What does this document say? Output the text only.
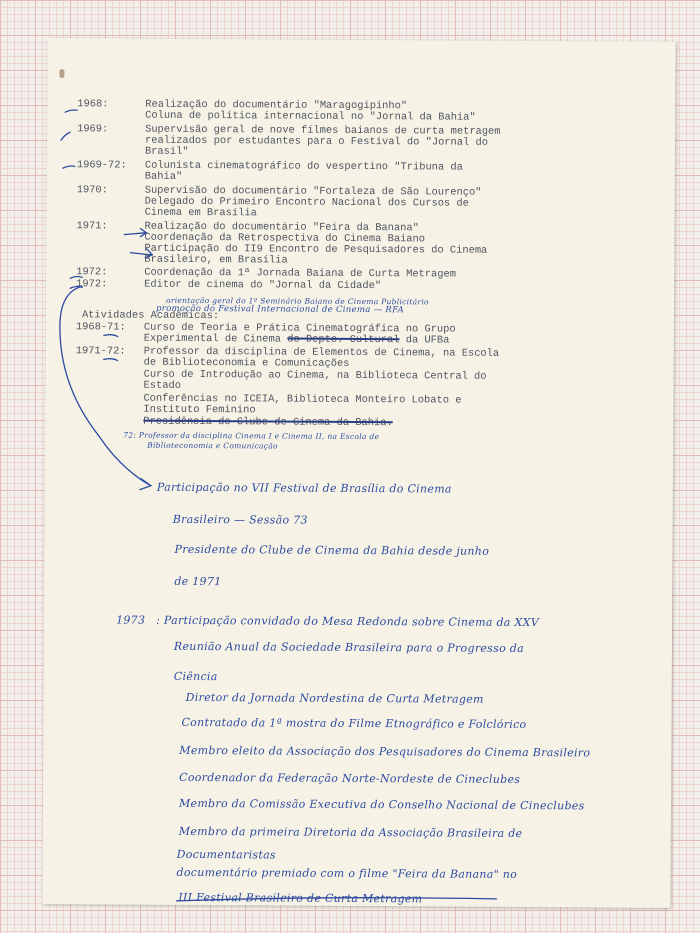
1968:	Realização do documentário "Maragogipinho"
Coluna de política internacional no "Jornal da Bahia"
1969:	Supervisão geral de nove filmes baianos de curta metragem
realizados por estudantes para o Festival do "Jornal do
Brasil"
1969-72: Colunista cinematográfico do vespertino "Tribuna da
Bahia"
1970:	Supervisão do documentário "Fortaleza de São Lourenço"
Delegado do Primeiro Encontro Nacional dos Cursos de
Cinema em Brasília
1971:	Realização do documentário "Feira da Banana"
Coordenação da Retrospectiva do Cinema Baiano
Participação do II9 Encontro de Pesquisadores do Cinema
Brasileiro, em Brasília
1972:	Coordenação da 1ª Jornada Baiana de Curta Metragem
1972:	Editor de cinema do "Jornal da Cidade"
Atividades Acadêmicas:
1968-71: Curso de Teoria e Prática Cinematográfica no Grupo
Experimental de Cinema do Depto. Cultural da UFBa
1971-72: Professor da disciplina de Elementos de Cinema, na Escola
de Biblioteconomia e Comunicações
Curso de Introdução ao Cinema, na Biblioteca Central do
Estado
Conferências no ICEIA, Biblioteca Monteiro Lobato e
Instituto Feminino
Presidência do Clube de Cinema da Bahia.
orientação geral do 1º Seminário Baiano de Cinema Publicitário
promoção do Festival Internacional de Cinema — RFA
72: Professor da disciplina Cinema I e Cinema II, na Escola de
Biblioteconomia e Comunicação
Participação no VII Festival de Brasília do Cinema
Brasileiro — Sessão 73
Presidente do Clube de Cinema da Bahia desde junho
de 1971
1973 : Participação convidado do Mesa Redonda sobre Cinema da XXV
Reunião Anual da Sociedade Brasileira para o Progresso da
Ciência
Diretor da Jornada Nordestina de Curta Metragem
Contratado da 1ª mostra do Filme Etnográfico e Folclórico
Membro eleito da Associação dos Pesquisadores do Cinema Brasileiro
Coordenador da Federação Norte-Nordeste de Cineclubes
Membro da Comissão Executiva do Conselho Nacional de Cineclubes
Membro da primeira Diretoria da Associação Brasileira de
Documentaristas
documentário premiado com o filme "Feira da Banana" no
III Festival Brasileiro de Curta Metragem
